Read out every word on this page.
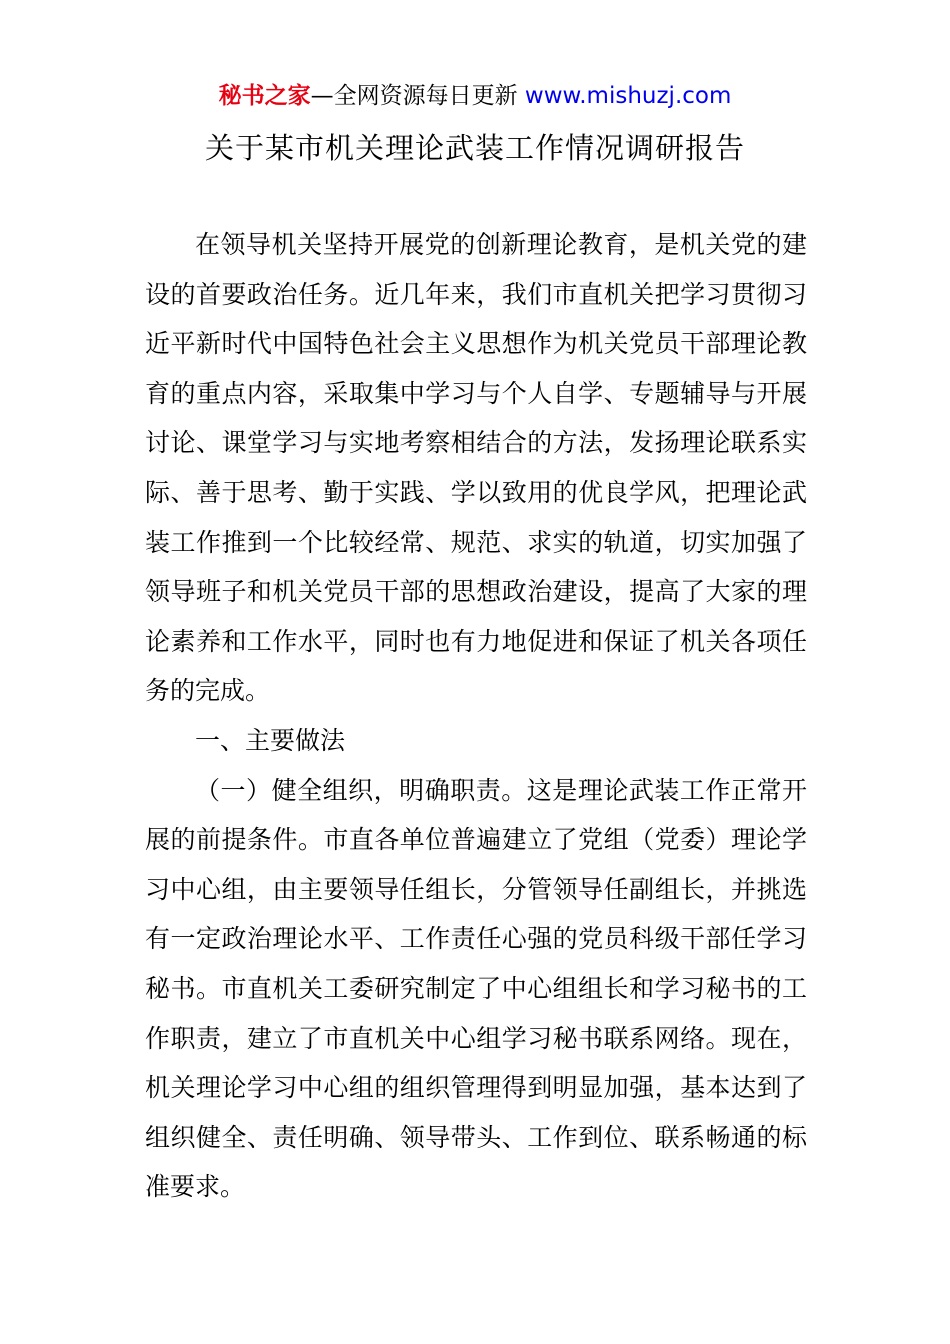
秘书之家—全网资源每日更新 www.mishuzj.com
关于某市机关理论武装工作情况调研报告

在领导机关坚持开展党的创新理论教育，是机关党的建设的首要政治任务。近几年来，我们市直机关把学习贯彻习近平新时代中国特色社会主义思想作为机关党员干部理论教育的重点内容，采取集中学习与个人自学、专题辅导与开展讨论、课堂学习与实地考察相结合的方法，发扬理论联系实际、善于思考、勤于实践、学以致用的优良学风，把理论武装工作推到一个比较经常、规范、求实的轨道，切实加强了领导班子和机关党员干部的思想政治建设，提高了大家的理论素养和工作水平，同时也有力地促进和保证了机关各项任务的完成。

一、主要做法

（一）健全组织，明确职责。这是理论武装工作正常开展的前提条件。市直各单位普遍建立了党组（党委）理论学习中心组，由主要领导任组长，分管领导任副组长，并挑选有一定政治理论水平、工作责任心强的党员科级干部任学习秘书。市直机关工委研究制定了中心组组长和学习秘书的工作职责，建立了市直机关中心组学习秘书联系网络。现在，机关理论学习中心组的组织管理得到明显加强，基本达到了组织健全、责任明确、领导带头、工作到位、联系畅通的标准要求。
